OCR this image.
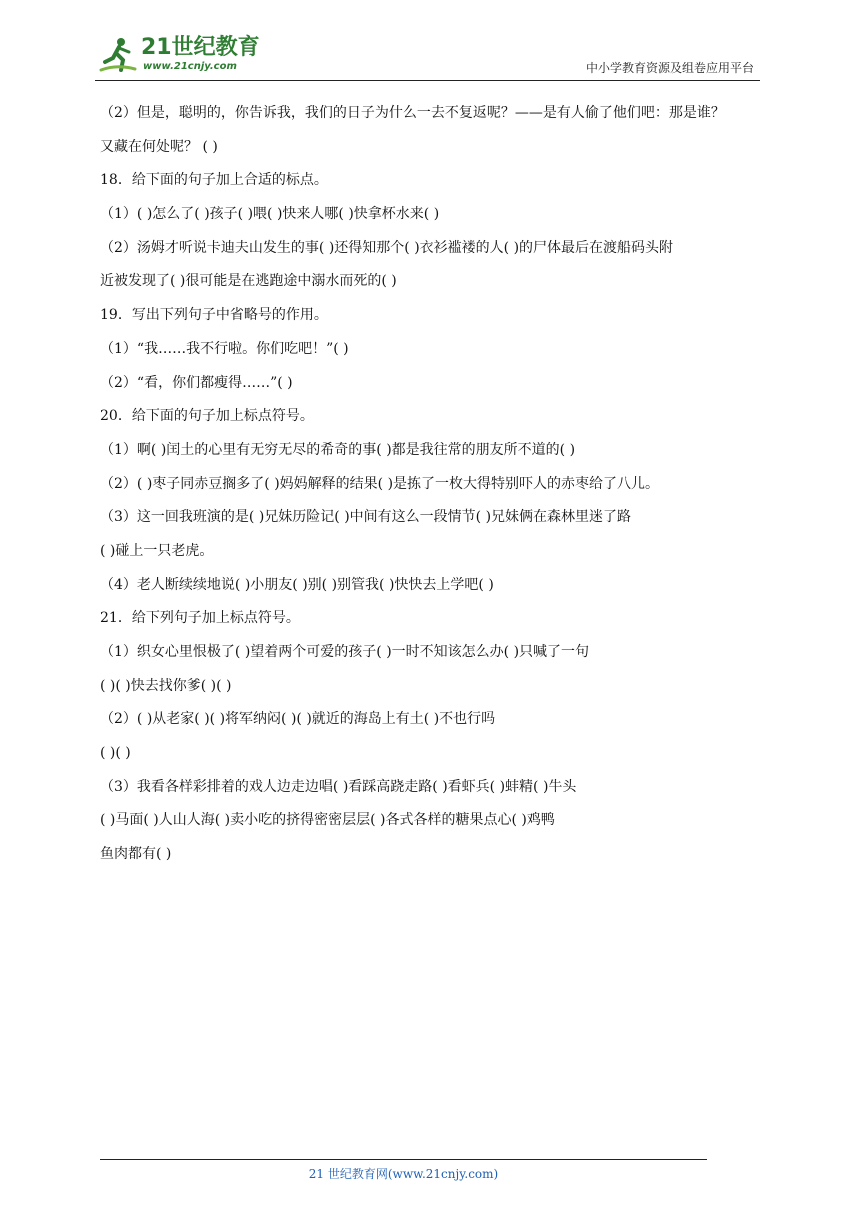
21世纪教育
www.21cnjy.com	中小学教育资源及组卷应用平台
（2）但是，聪明的，你告诉我，我们的日子为什么一去不复返呢？——是有人偷了他们吧：那是谁？
又藏在何处呢？ ( )
18．给下面的句子加上合适的标点。
（1）( )怎么了( )孩子( )喂( )快来人哪( )快拿杯水来( )
（2）汤姆才听说卡迪夫山发生的事( )还得知那个( )衣衫褴褛的人( )的尸体最后在渡船码头附
近被发现了( )很可能是在逃跑途中溺水而死的( )
19．写出下列句子中省略号的作用。
（1）“我……我不行啦。你们吃吧！”( )
（2）“看，你们都瘦得……”( )
20．给下面的句子加上标点符号。
（1）啊( )闰土的心里有无穷无尽的希奇的事( )都是我往常的朋友所不道的( )
（2）( )枣子同赤豆搁多了( )妈妈解释的结果( )是拣了一枚大得特别吓人的赤枣给了八儿。
（3）这一回我班演的是( )兄妹历险记( )中间有这么一段情节( )兄妹俩在森林里迷了路
( )碰上一只老虎。
（4）老人断续续地说( )小朋友( )别( )别管我( )快快去上学吧( )
21．给下列句子加上标点符号。
（1）织女心里恨极了( )望着两个可爱的孩子( )一时不知该怎么办( )只喊了一句
( )( )快去找你爹( )( )
（2）( )从老家( )( )将军纳闷( )( )就近的海岛上有土( )不也行吗
( )( )
（3）我看各样彩排着的戏人边走边唱( )看踩高跷走路( )看虾兵( )蚌精( )牛头
( )马面( )人山人海( )卖小吃的挤得密密层层( )各式各样的糖果点心( )鸡鸭
鱼肉都有( )
21 世纪教育网(www.21cnjy.com)
